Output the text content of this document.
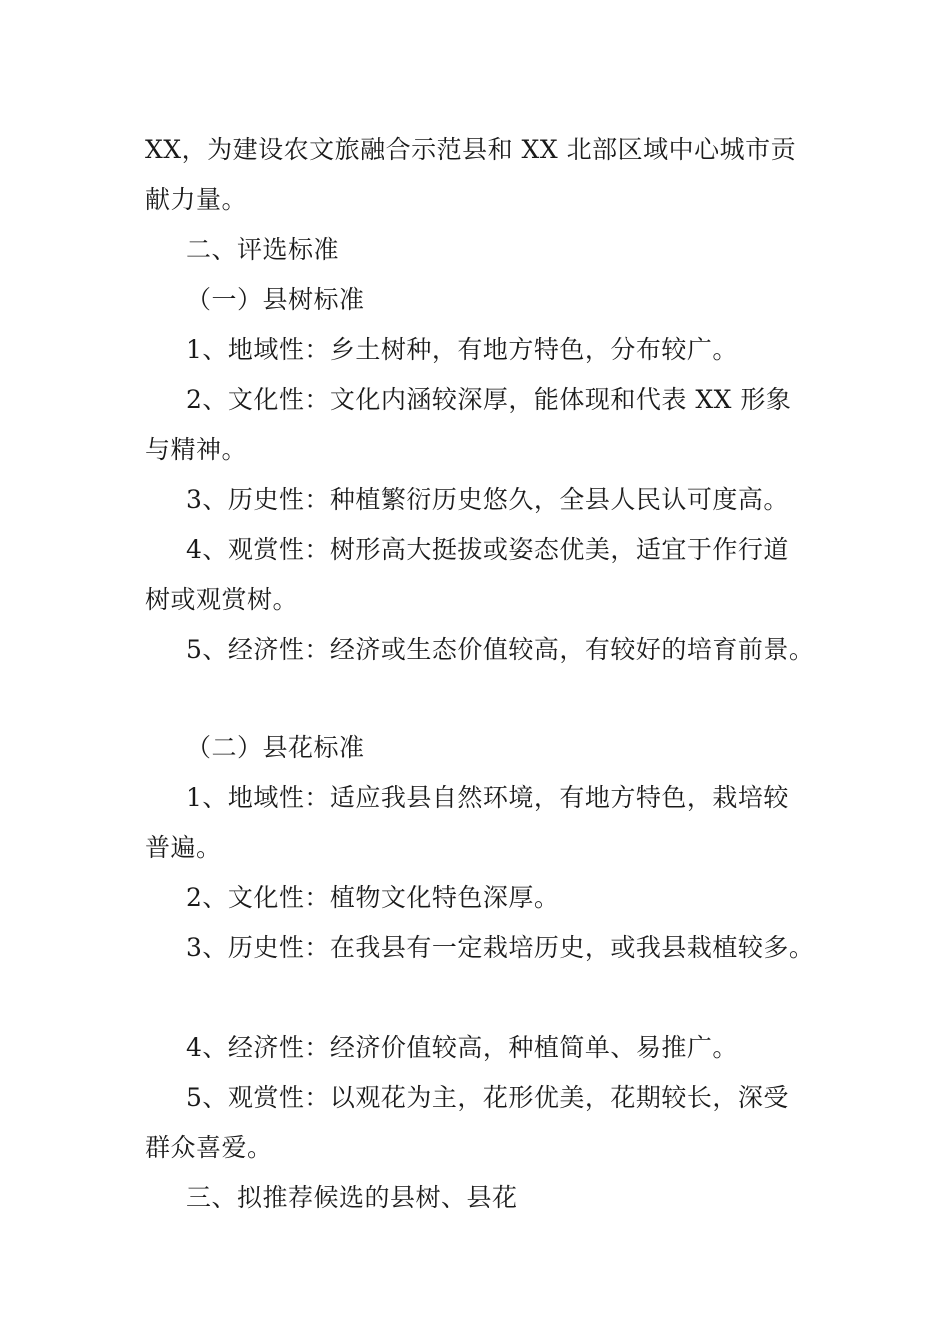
XX，为建设农文旅融合示范县和 XX 北部区域中心城市贡
献力量。
二、评选标准
（一）县树标准
1、地域性：乡土树种，有地方特色，分布较广。
2、文化性：文化内涵较深厚，能体现和代表 XX 形象
与精神。
3、历史性：种植繁衍历史悠久，全县人民认可度高。
4、观赏性：树形高大挺拔或姿态优美，适宜于作行道
树或观赏树。
5、经济性：经济或生态价值较高，有较好的培育前景。
（二）县花标准
1、地域性：适应我县自然环境，有地方特色，栽培较
普遍。
2、文化性：植物文化特色深厚。
3、历史性：在我县有一定栽培历史，或我县栽植较多。
4、经济性：经济价值较高，种植简单、易推广。
5、观赏性：以观花为主，花形优美，花期较长，深受
群众喜爱。
三、拟推荐候选的县树、县花
